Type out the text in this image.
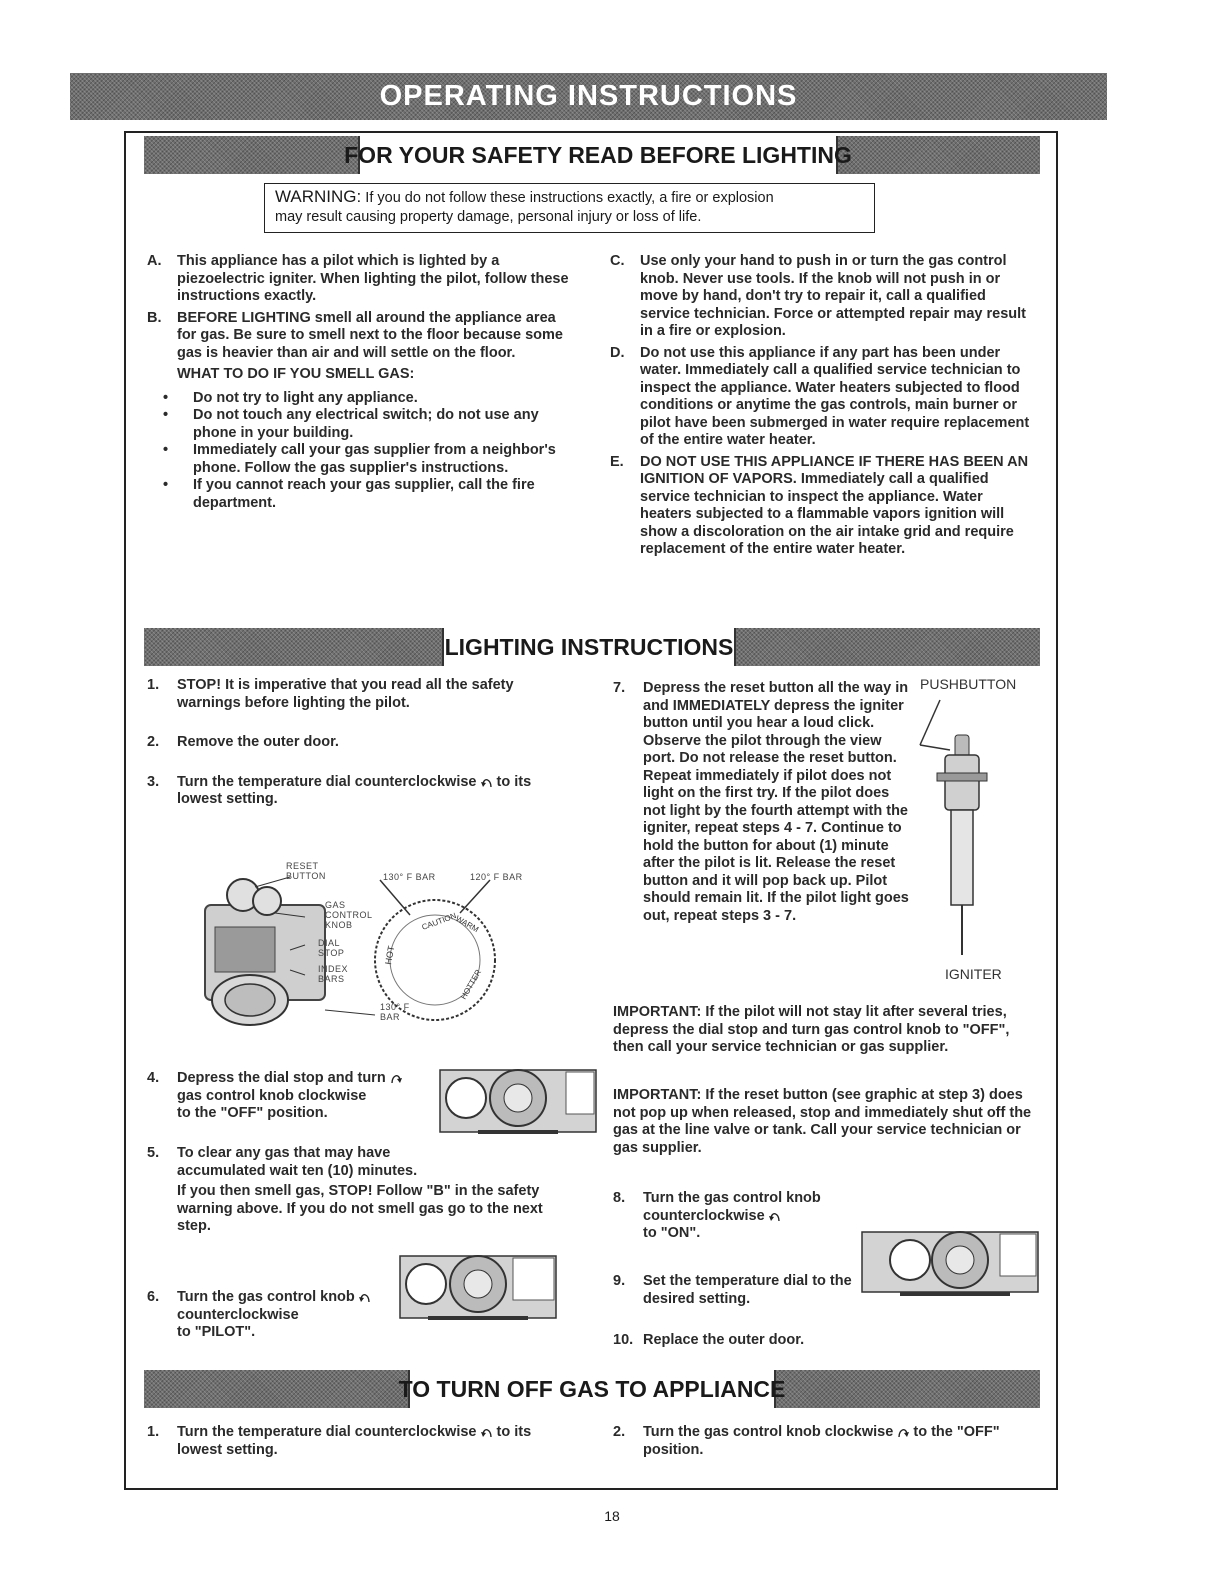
OPERATING INSTRUCTIONS
FOR YOUR SAFETY READ BEFORE LIGHTING
WARNING: If you do not follow these instructions exactly, a fire or explosion
may result causing property damage, personal injury or loss of life.
A. This appliance has a pilot which is lighted by a piezoelectric igniter. When lighting the pilot, follow these instructions exactly.
B. BEFORE LIGHTING smell all around the appliance area for gas. Be sure to smell next to the floor because some gas is heavier than air and will settle on the floor.
WHAT TO DO IF YOU SMELL GAS:
• Do not try to light any appliance.
• Do not touch any electrical switch; do not use any phone in your building.
• Immediately call your gas supplier from a neighbor's phone. Follow the gas supplier's instructions.
• If you cannot reach your gas supplier, call the fire department.
C. Use only your hand to push in or turn the gas control knob. Never use tools. If the knob will not push in or move by hand, don't try to repair it, call a qualified service technician. Force or attempted repair may result in a fire or explosion.
D. Do not use this appliance if any part has been under water. Immediately call a qualified service technician to inspect the appliance. Water heaters subjected to flood conditions or anytime the gas controls, main burner or pilot have been submerged in water require replacement of the entire water heater.
E. DO NOT USE THIS APPLIANCE IF THERE HAS BEEN AN IGNITION OF VAPORS. Immediately call a qualified service technician to inspect the appliance. Water heaters subjected to a flammable vapors ignition will show a discoloration on the air intake grid and require replacement of the entire water heater.
LIGHTING INSTRUCTIONS
1. STOP! It is imperative that you read all the safety warnings before lighting the pilot.
2. Remove the outer door.
3. Turn the temperature dial counterclockwise to its lowest setting.
HOT
CAUTION
WARM
HOTTER
RESET BUTTON
GAS CONTROL KNOB
DIAL STOP
INDEX BARS
130° F BAR	120° F BAR
130° F BAR
4. Depress the dial stop and turn
gas control knob clockwise
to the "OFF" position.
5. To clear any gas that may have accumulated wait ten (10) minutes.
If you then smell gas, STOP! Follow "B" in the safety warning above. If you do not smell gas go to the next step.
6. Turn the gas control knob
counterclockwise
to "PILOT".
7. Depress the reset button all the way in and IMMEDIATELY depress the igniter button until you hear a loud click. Observe the pilot through the view port. Do not release the reset button. Repeat immediately if pilot does not light on the first try. If the pilot does not light by the fourth attempt with the igniter, repeat steps 4 - 7. Continue to hold the button for about (1) minute after the pilot is lit. Release the reset button and it will pop back up. Pilot should remain lit. If the pilot light goes out, repeat steps 3 - 7.
PUSHBUTTON
IGNITER
IMPORTANT: If the pilot will not stay lit after several tries, depress the dial stop and turn gas control knob to "OFF", then call your service technician or gas supplier.
IMPORTANT: If the reset button (see graphic at step 3) does not pop up when released, stop and immediately shut off the gas at the line valve or tank. Call your service technician or gas supplier.
8. Turn the gas control knob
counterclockwise
to "ON".
9. Set the temperature dial to the desired setting.
10. Replace the outer door.
TO TURN OFF GAS TO APPLIANCE
1. Turn the temperature dial counterclockwise to its lowest setting.
2. Turn the gas control knob clockwise to the "OFF" position.
18
